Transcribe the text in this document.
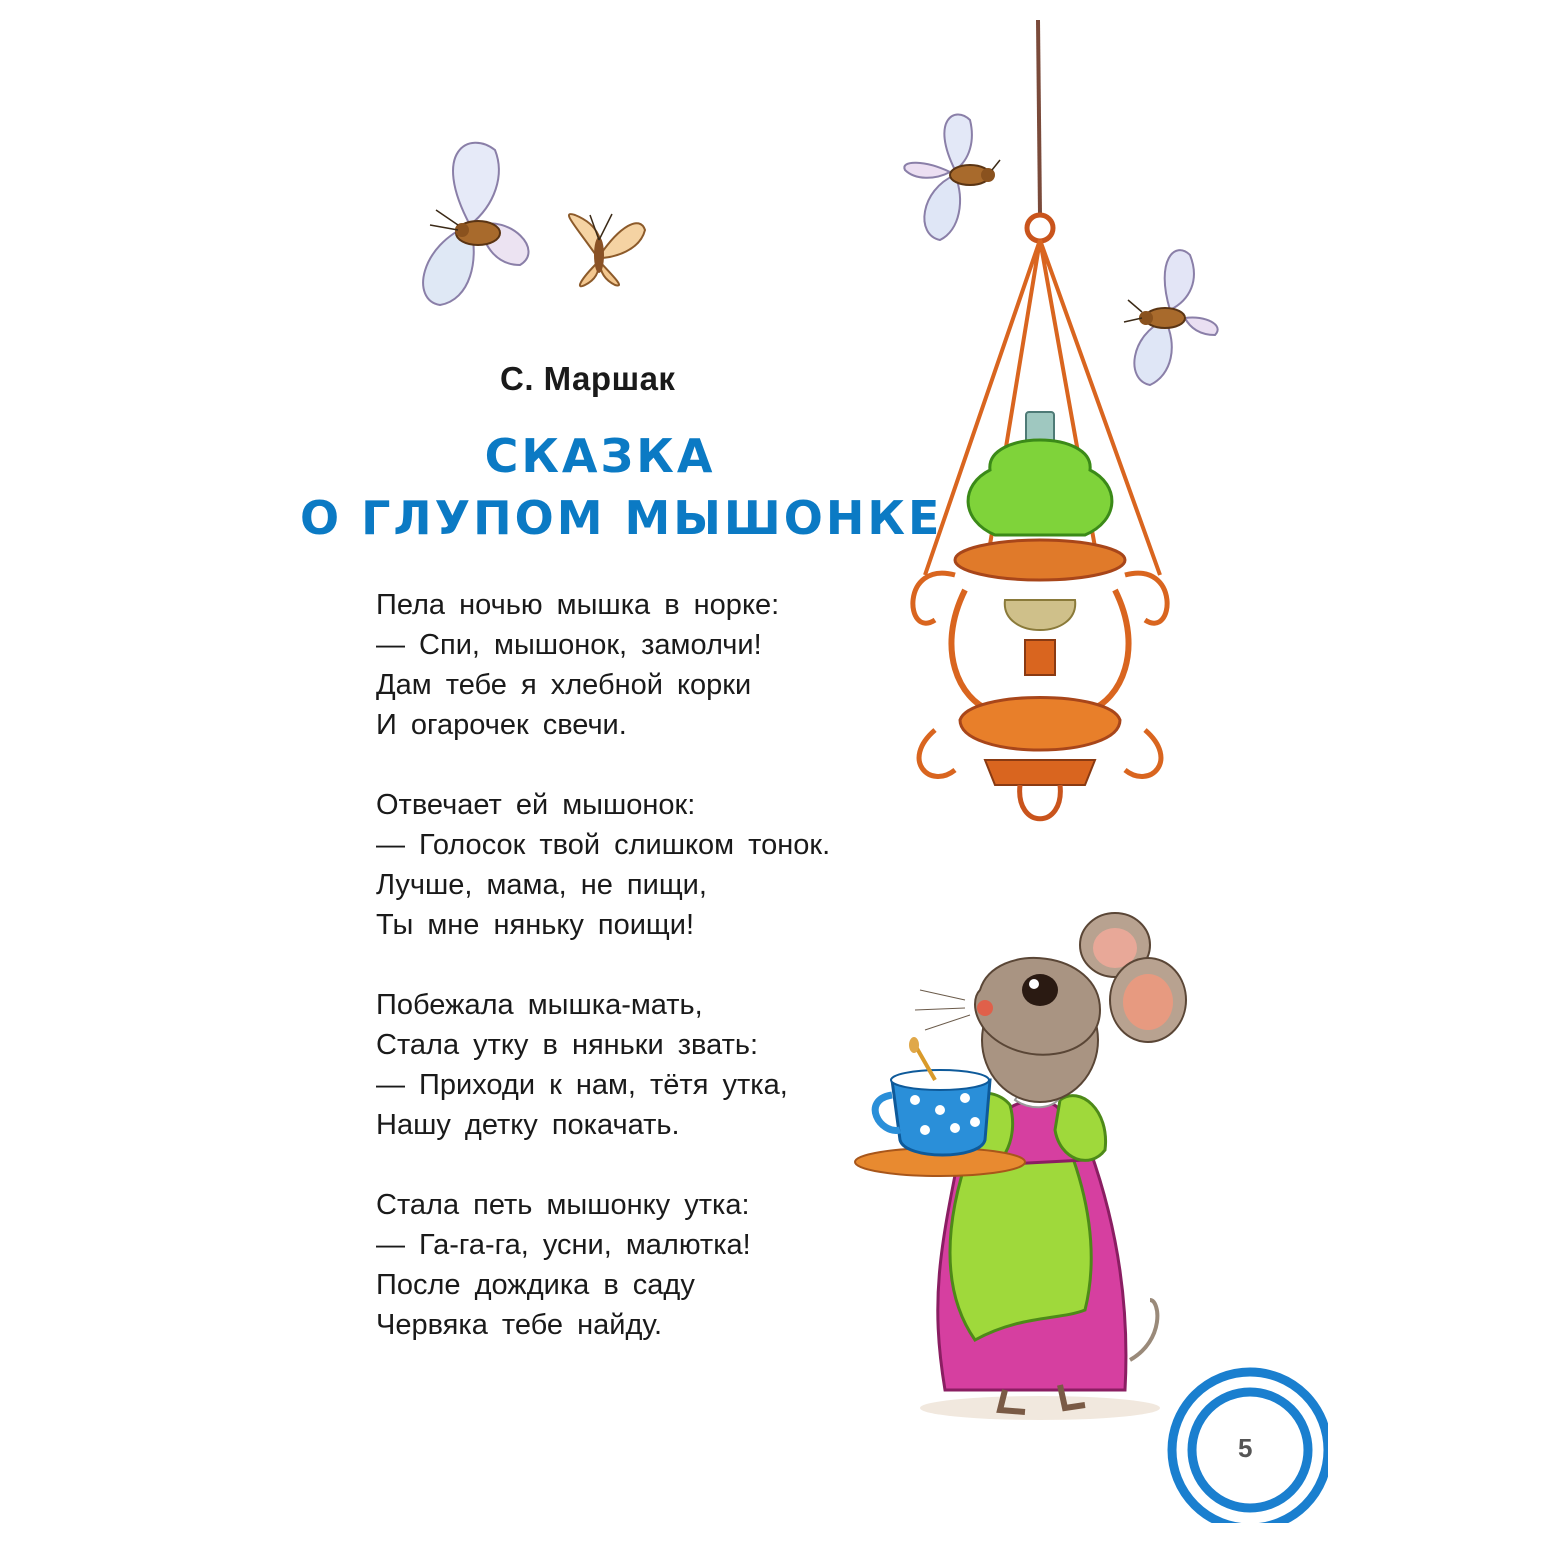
С. Маршак
СКАЗКА
О ГЛУПОМ МЫШОНКЕ
Пела ночью мышка в норке:
— Спи, мышонок, замолчи!
Дам тебе я хлебной корки
И огарочек свечи.
Отвечает ей мышонок:
— Голосок твой слишком тонок.
Лучше, мама, не пищи,
Ты мне няньку поищи!
Побежала мышка-мать,
Стала утку в няньки звать:
— Приходи к нам, тётя утка,
Нашу детку покачать.
Стала петь мышонку утка:
— Га-га-га, усни, малютка!
После дождика в саду
Червяка тебе найду.
5
